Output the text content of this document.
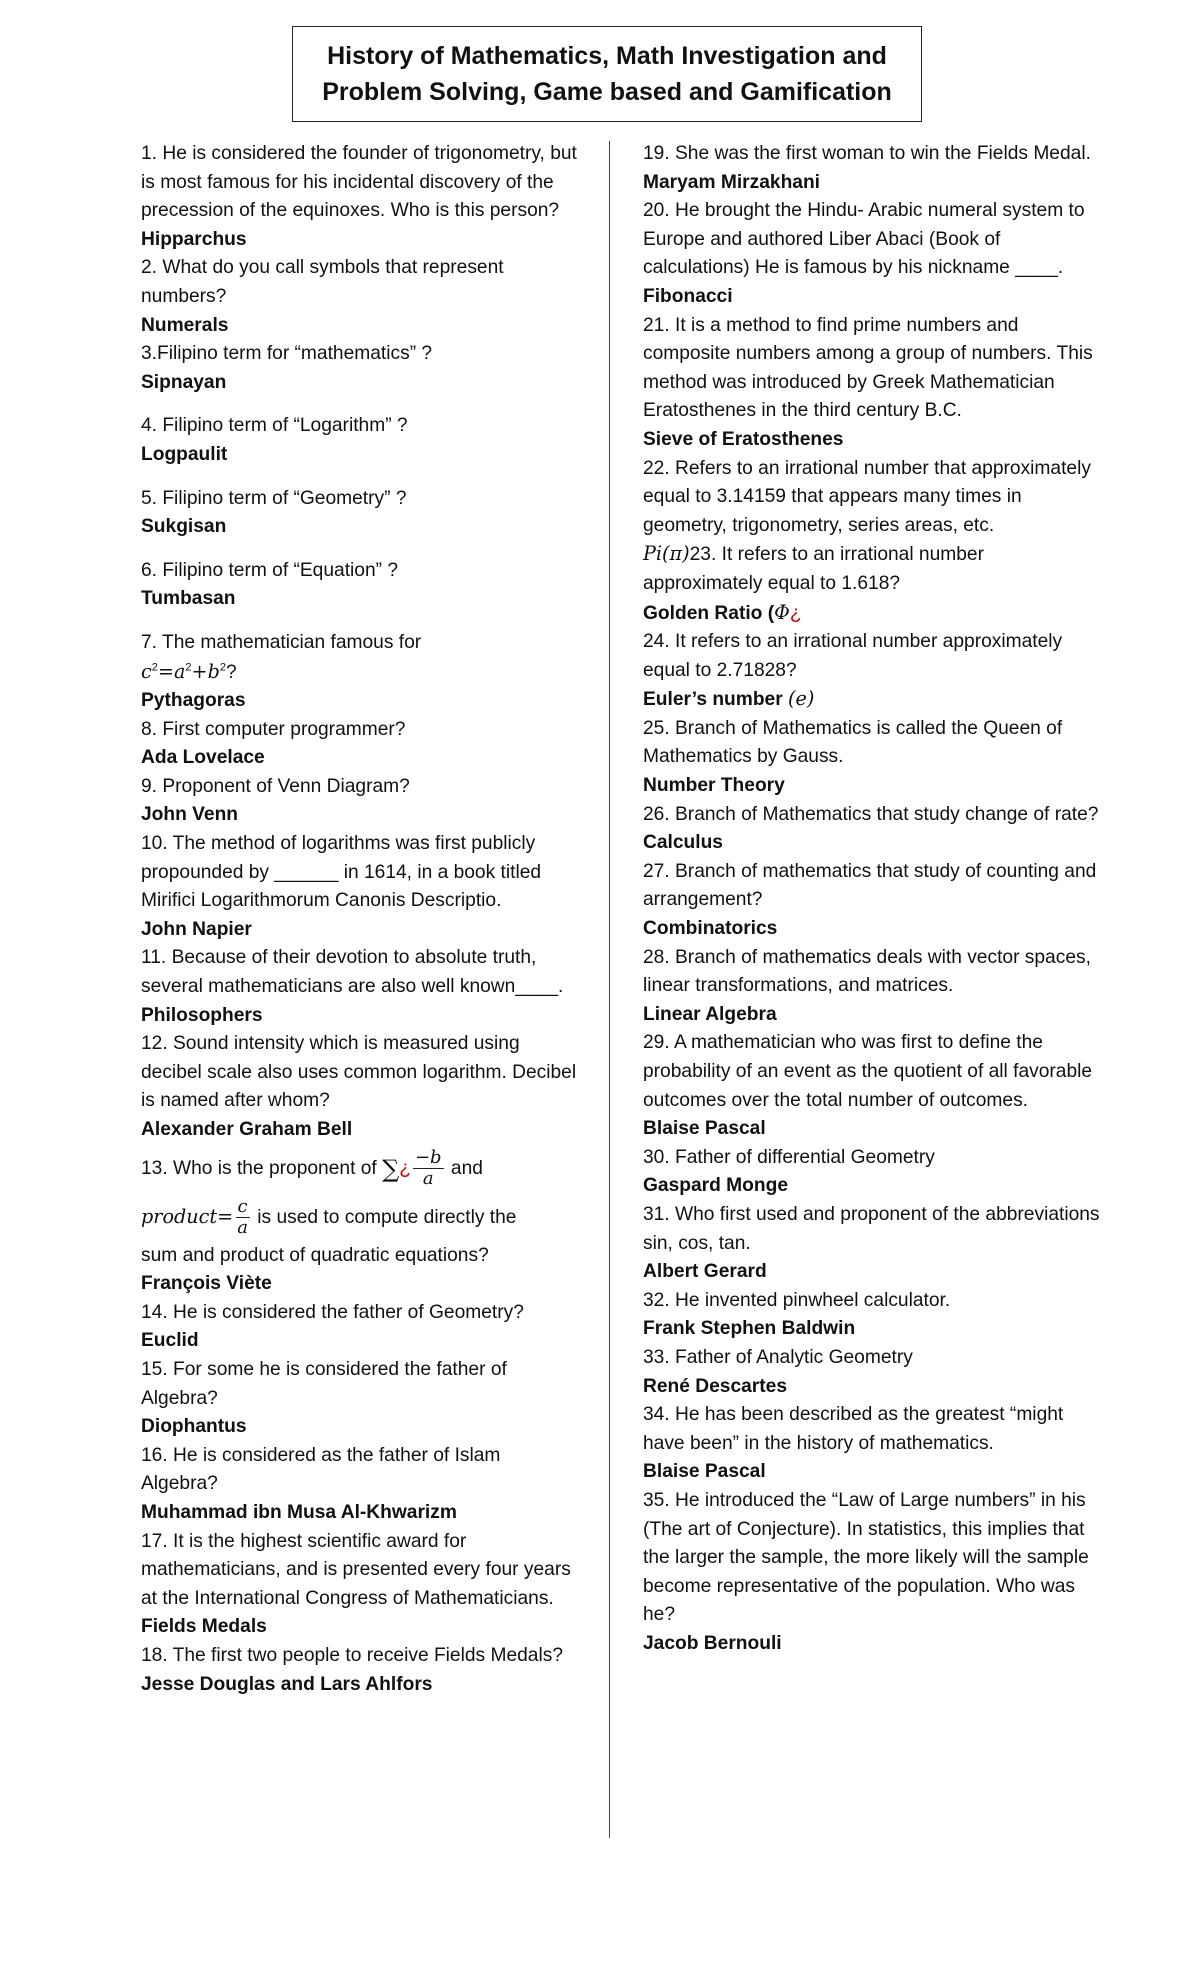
History of Mathematics, Math Investigation and
Problem Solving, Game based and Gamification

1. He is considered the founder of trigonometry, but is most famous for his incidental discovery of the precession of the equinoxes. Who is this person?

Hipparchus

2. What do you call symbols that represent numbers?

Numerals

3.Filipino term for “mathematics” ?

Sipnayan

4. Filipino term of “Logarithm” ?

Logpaulit

5. Filipino term of “Geometry” ?

Sukgisan

6. Filipino term of “Equation” ?

Tumbasan

7. The mathematician famous for

$c^2=a^2+b^2$?

Pythagoras

8. First computer programmer?

Ada Lovelace

9. Proponent of Venn Diagram?

John Venn

10. The method of logarithms was first publicly propounded by ______ in 1614, in a book titled Mirifici Logarithmorum Canonis Descriptio.

John Napier

11. Because of their devotion to absolute truth, several mathematicians are also well known____.

Philosophers

12. Sound intensity which is measured using decibel scale also uses common logarithm. Decibel is named after whom?

Alexander Graham Bell

13. Who is the proponent of ∑¿ $\frac{-b}{a}$ and

product= $\frac{c}{a}$ is used to compute directly the

sum and product of quadratic equations?

François Viète

14. He is considered the father of Geometry?

Euclid

15. For some he is considered the father of Algebra?

Diophantus

16. He is considered as the father of Islam Algebra?

Muhammad ibn Musa Al-Khwarizm

17. It is the highest scientific award for mathematicians, and is presented every four years at the International Congress of Mathematicians.

Fields Medals

18. The first two people to receive Fields Medals?

Jesse Douglas and Lars Ahlfors

19. She was the first woman to win the Fields Medal.

Maryam Mirzakhani

20. He brought the Hindu- Arabic numeral system to Europe and authored Liber Abaci (Book of calculations) He is famous by his nickname ____.

Fibonacci

21. It is a method to find prime numbers and composite numbers among a group of numbers. This method was introduced by Greek Mathematician Eratosthenes in the third century B.C.

Sieve of Eratosthenes

22. Refers to an irrational number that approximately equal to 3.14159 that appears many times in geometry, trigonometry, series areas, etc.

Pi(π)23. It refers to an irrational number approximately equal to 1.618?

Golden Ratio (Φ¿

24. It refers to an irrational number approximately equal to 2.71828?

Euler’s number (e)

25. Branch of Mathematics is called the Queen of Mathematics by Gauss.

Number Theory

26. Branch of Mathematics that study change of rate?

Calculus

27. Branch of mathematics that study of counting and arrangement?

Combinatorics

28. Branch of mathematics deals with vector spaces, linear transformations, and matrices.

Linear Algebra

29. A mathematician who was first to define the probability of an event as the quotient of all favorable outcomes over the total number of outcomes.

Blaise Pascal

30. Father of differential Geometry

Gaspard Monge

31. Who first used and proponent of the abbreviations sin, cos, tan.

Albert Gerard

32. He invented pinwheel calculator.

Frank Stephen Baldwin

33. Father of Analytic Geometry

René Descartes

34. He has been described as the greatest “might have been” in the history of mathematics.

Blaise Pascal

35. He introduced the “Law of Large numbers” in his (The art of Conjecture). In statistics, this implies that the larger the sample, the more likely will the sample become representative of the population. Who was he?

Jacob Bernouli
